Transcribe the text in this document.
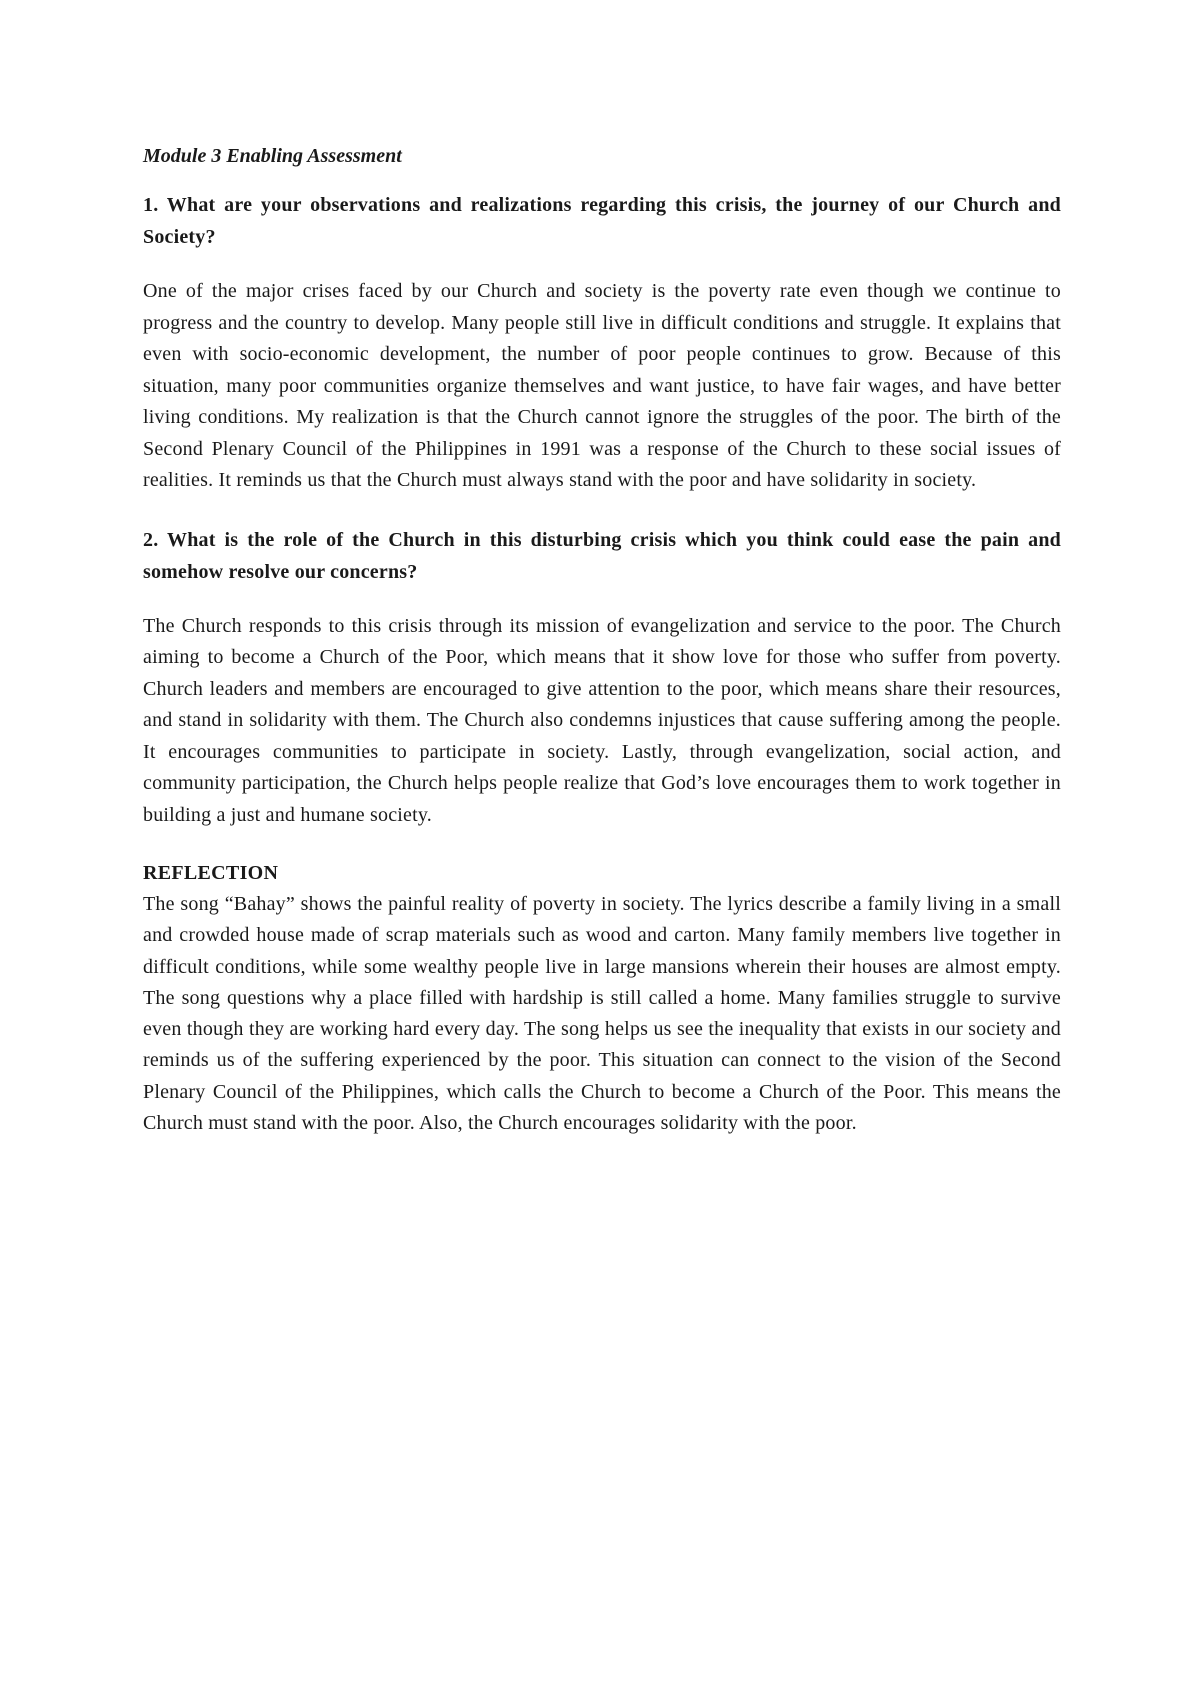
Module 3 Enabling Assessment

1. What are your observations and realizations regarding this crisis, the journey of our Church and Society?

One of the major crises faced by our Church and society is the poverty rate even though we continue to progress and the country to develop. Many people still live in difficult conditions and struggle. It explains that even with socio-economic development, the number of poor people continues to grow. Because of this situation, many poor communities organize themselves and want justice, to have fair wages, and have better living conditions. My realization is that the Church cannot ignore the struggles of the poor. The birth of the Second Plenary Council of the Philippines in 1991 was a response of the Church to these social issues of realities. It reminds us that the Church must always stand with the poor and have solidarity in society.

2. What is the role of the Church in this disturbing crisis which you think could ease the pain and somehow resolve our concerns?

The Church responds to this crisis through its mission of evangelization and service to the poor. The Church aiming to become a Church of the Poor, which means that it show love for those who suffer from poverty. Church leaders and members are encouraged to give attention to the poor, which means share their resources, and stand in solidarity with them. The Church also condemns injustices that cause suffering among the people. It encourages communities to participate in society. Lastly, through evangelization, social action, and community participation, the Church helps people realize that God’s love encourages them to work together in building a just and humane society.

REFLECTION

The song “Bahay” shows the painful reality of poverty in society. The lyrics describe a family living in a small and crowded house made of scrap materials such as wood and carton. Many family members live together in difficult conditions, while some wealthy people live in large mansions wherein their houses are almost empty. The song questions why a place filled with hardship is still called a home. Many families struggle to survive even though they are working hard every day. The song helps us see the inequality that exists in our society and reminds us of the suffering experienced by the poor. This situation can connect to the vision of the Second Plenary Council of the Philippines, which calls the Church to become a Church of the Poor. This means the Church must stand with the poor. Also, the Church encourages solidarity with the poor.
